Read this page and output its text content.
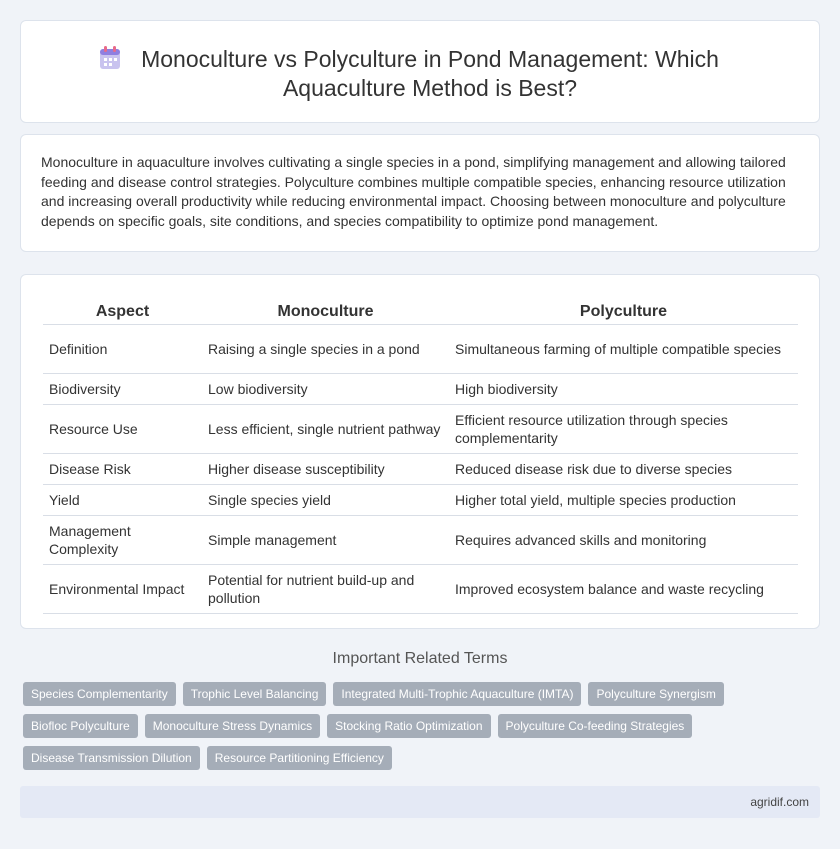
Monoculture vs Polyculture in Pond Management: Which Aquaculture Method is Best?

Monoculture in aquaculture involves cultivating a single species in a pond, simplifying management and allowing tailored feeding and disease control strategies. Polyculture combines multiple compatible species, enhancing resource utilization and increasing overall productivity while reducing environmental impact. Choosing between monoculture and polyculture depends on specific goals, site conditions, and species compatibility to optimize pond management.

Aspect	Monoculture	Polyculture
Definition	Raising a single species in a pond	Simultaneous farming of multiple compatible species
Biodiversity	Low biodiversity	High biodiversity
Resource Use	Less efficient, single nutrient pathway	Efficient resource utilization through species complementarity
Disease Risk	Higher disease susceptibility	Reduced disease risk due to diverse species
Yield	Single species yield	Higher total yield, multiple species production
Management Complexity	Simple management	Requires advanced skills and monitoring
Environmental Impact	Potential for nutrient build-up and pollution	Improved ecosystem balance and waste recycling
Important Related Terms
Species Complementarity	Trophic Level Balancing	Integrated Multi-Trophic Aquaculture (IMTA)	Polyculture Synergism
Biofloc Polyculture	Monoculture Stress Dynamics	Stocking Ratio Optimization	Polyculture Co-feeding Strategies
Disease Transmission Dilution	Resource Partitioning Efficiency
agridif.com
